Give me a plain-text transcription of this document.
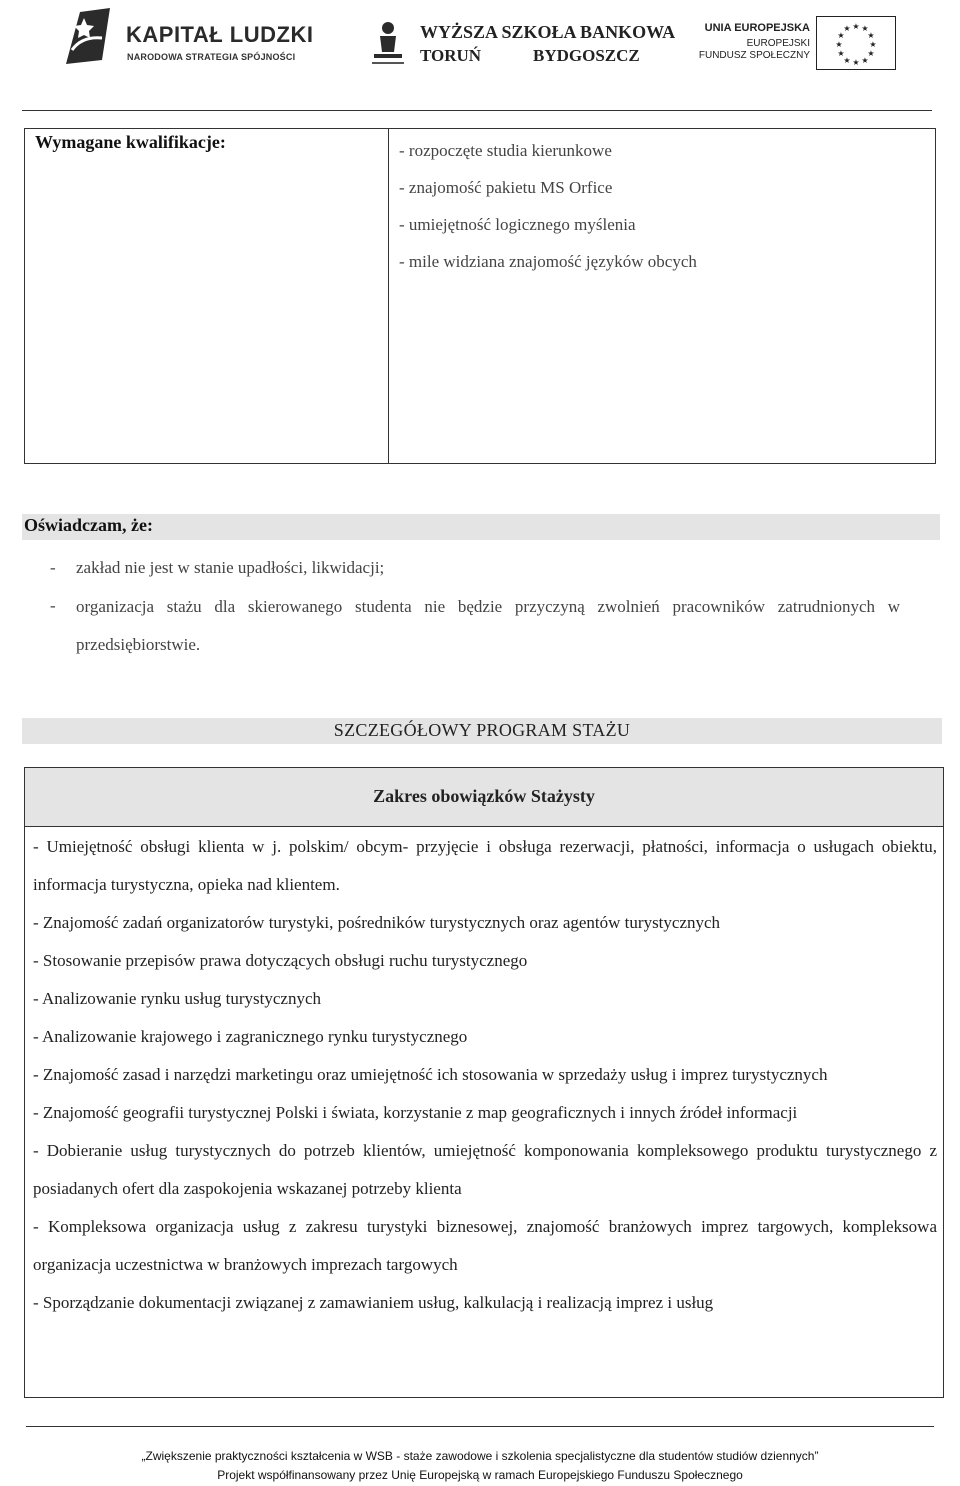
KAPITAŁ LUDZKI
NARODOWA STRATEGIA SPÓJNOŚCI
WYŻSZA SZKOŁA BANKOWA
TORUŃ	BYDGOSZCZ
UNIA EUROPEJSKA
EUROPEJSKI
FUNDUSZ SPOŁECZNY
★ ★
★
★
★
★
★
★
★
★
★
★
Wymagane kwalifikacje:	- rozpoczęte studia kierunkowe
- znajomość pakietu MS Orfice
- umiejętność logicznego myślenia
- mile widziana znajomość języków obcych
Oświadczam, że:
- zakład nie jest w stanie upadłości, likwidacji;
- organizacja stażu dla skierowanego studenta nie będzie przyczyną zwolnień pracowników zatrudnionych w przedsiębiorstwie.
SZCZEGÓŁOWY PROGRAM STAŻU
Zakres obowiązków Stażysty
- Umiejętność obsługi klienta w j. polskim/ obcym- przyjęcie i obsługa rezerwacji, płatności, informacja o usługach obiektu, informacja turystyczna, opieka nad klientem.
- Znajomość zadań organizatorów turystyki, pośredników turystycznych oraz agentów turystycznych
- Stosowanie przepisów prawa dotyczących obsługi ruchu turystycznego
- Analizowanie rynku usług turystycznych
- Analizowanie krajowego i zagranicznego rynku turystycznego
- Znajomość zasad i narzędzi marketingu oraz umiejętność ich stosowania w sprzedaży usług i imprez turystycznych
- Znajomość geografii turystycznej Polski i świata, korzystanie z map geograficznych i innych źródeł informacji
- Dobieranie usług turystycznych do potrzeb klientów, umiejętność komponowania kompleksowego produktu turystycznego z posiadanych ofert dla zaspokojenia wskazanej potrzeby klienta
- Kompleksowa organizacja usług z zakresu turystyki biznesowej, znajomość branżowych imprez targowych, kompleksowa organizacja uczestnictwa w branżowych imprezach targowych
- Sporządzanie dokumentacji związanej z zamawianiem usług, kalkulacją i realizacją imprez i usług
„Zwiększenie praktyczności kształcenia w WSB - staże zawodowe i szkolenia specjalistyczne dla studentów studiów dziennych”
Projekt współfinansowany przez Unię Europejską w ramach Europejskiego Funduszu Społecznego
